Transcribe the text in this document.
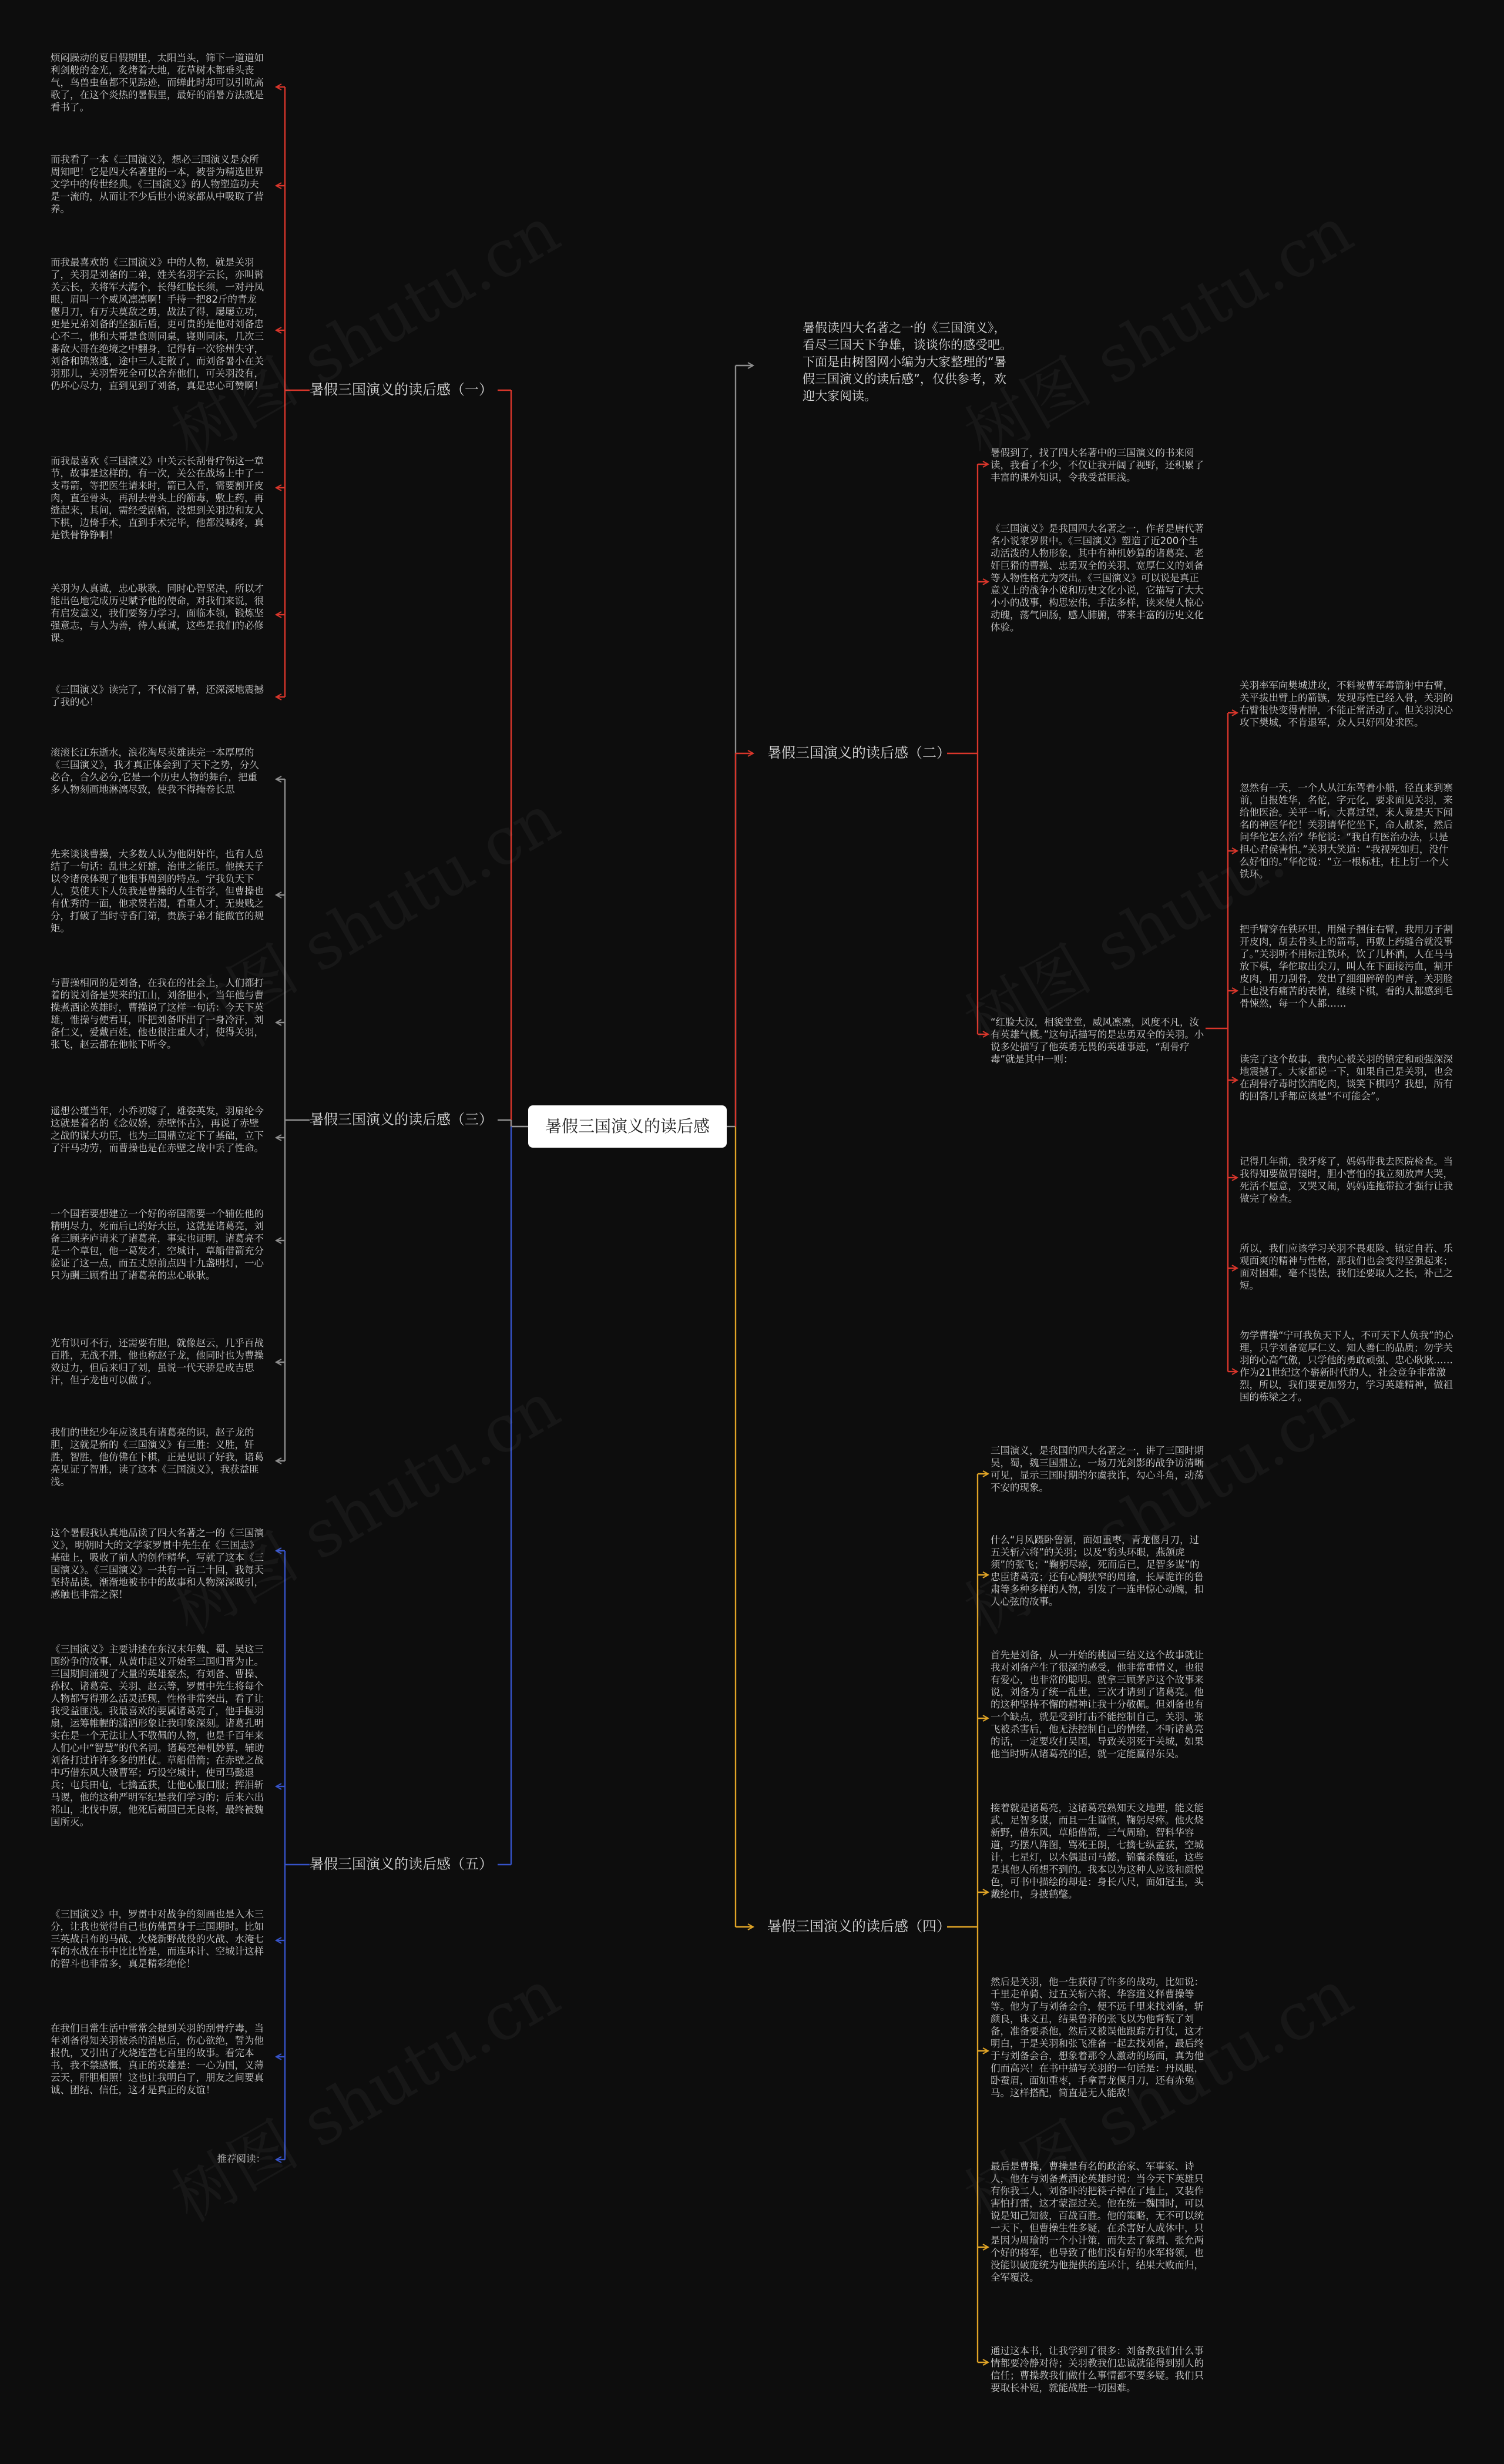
暑假三国演义的读后感
暑假读四大名著之一的《三国演义》，看尽三国天下争雄，谈谈你的感受吧。下面是由树图网小编为大家整理的“暑假三国演义的读后感”，仅供参考，欢迎大家阅读。
暑假三国演义的读后感（一）
暑假三国演义的读后感（二）
暑假三国演义的读后感（三）
暑假三国演义的读后感（四）
暑假三国演义的读后感（五）

烦闷躁动的夏日假期里，太阳当头，筛下一道道如利剑般的金光，炙烤着大地，花草树木都垂头丧气，鸟兽虫鱼都不见踪迹，而蝉此时却可以引吭高歌了，在这个炎热的暑假里，最好的消暑方法就是看书了。

而我看了一本《三国演义》，想必三国演义是众所周知吧！它是四大名著里的一本，被誉为精选世界文学中的传世经典。《三国演义》的人物塑造功夫是一流的，从而让不少后世小说家都从中吸取了营养。

而我最喜欢的《三国演义》中的人物，就是关羽了，关羽是刘备的二弟，姓关名羽字云长，亦叫髯关云长，关将军大海个，长得红脸长须，一对丹凤眼，眉叫一个威风凛凛啊！手持一把82斤的青龙偃月刀，有万夫莫敌之勇，战法了得，屡屡立功，更是兄弟刘备的坚强后盾，更可贵的是他对刘备忠心不二，他和大哥是食则同桌，寝则同床，几次三番敌大哥在绝境之中翻身，记得有一次徐州失守，刘备和锦煞逃，途中三人走散了，而刘备暑小在关羽那儿，关羽誓死全可以舍弃他们，可关羽没有，仍坏心尽力，直到见到了刘备，真是忠心可赞啊！

而我最喜欢《三国演义》中关云长刮骨疗伤这一章节，故事是这样的，有一次，关公在战场上中了一支毒箭，等把医生请来时，箭已入骨，需要割开皮肉，直至骨头，再刮去骨头上的箭毒，敷上药，再缝起来，其间，需经受剧痛，没想到关羽边和友人下棋，边倚手术，直到手术完毕，他都没喊疼，真是铁骨铮铮啊！

关羽为人真诚，忠心耿耿，同时心智坚决，所以才能出色地完成历史赋予他的使命，对我们来说，很有启发意义，我们要努力学习，面临本领，锻炼坚强意志，与人为善，待人真诚，这些是我们的必修课。

《三国演义》读完了，不仅消了暑，还深深地震撼了我的心！

滚滚长江东逝水，浪花淘尽英雄读完一本厚厚的《三国演义》，我才真正体会到了天下之势，分久必合，合久必分,它是一个历史人物的舞台，把重多人物刻画地淋漓尽致，使我不得掩卷长思

先来谈谈曹操，大多数人认为他阴奸诈，也有人总结了一句话：乱世之奸雄，治世之能臣。他挟天子以令诸侯体现了他很事周到的特点。宁我负天下人，莫使天下人负我是曹操的人生哲学，但曹操也有优秀的一面，他求贤若渴，看重人才，无贵贱之分，打破了当时寺香门第，贵族子弟才能做官的规矩。

与曹操相同的是刘备，在我在的社会上，人们都打着的说刘备是哭来的江山，刘备胆小，当年他与曹操煮酒论英雄时，曹操说了这样一句话：今天下英雄，惟操与使君耳，吓把刘备吓出了一身冷汗，刘备仁义，爱戴百姓，他也很注重人才，使得关羽，张飞，赵云都在他帐下听令。

遥想公瑾当年，小乔初嫁了，雄姿英发，羽扇纶今这就是着名的《念奴娇，赤壁怀古》，再说了赤壁之战的谋大功臣，也为三国鼎立定下了基础，立下了汗马功劳，而曹操也是在赤壁之战中丢了性命。

一个国若要想建立一个好的帝国需要一个辅佐他的精明尽力，死而后已的好大臣，这就是诸葛亮，刘备三顾茅庐请来了诸葛亮，事实也证明，诸葛亮不是一个草包，他一葛发才，空城计，草船借箭充分验证了这一点，而五丈原前点四十九盏明灯，一心只为酬三顾看出了诸葛亮的忠心耿耿。

光有识可不行，还需要有胆，就像赵云，几乎百战百胜，无战不胜，他也称赵子龙，他同时也为曹操效过力，但后来归了刘，虽说一代天骄是成吉思汗，但子龙也可以做了。

我们的世纪少年应该具有诸葛亮的识，赵子龙的胆，这就是新的《三国演义》有三胜：义胜，奸胜，智胜，他仿佛在下棋，正是见识了好我，诸葛亮见证了智胜，读了这本《三国演义》，我获益匪浅。

这个暑假我认真地品读了四大名著之一的《三国演义》，明朝时大的文学家罗贯中先生在《三国志》基础上，吸收了前人的创作精华，写就了这本《三国演义》。《三国演义》一共有一百二十回，我每天坚持品读，渐渐地被书中的故事和人物深深吸引，感触也非常之深！

《三国演义》主要讲述在东汉末年魏、蜀、吴这三国纷争的故事，从黄巾起义开始至三国归晋为止。三国期间涌现了大量的英雄豪杰，有刘备、曹操、孙权、诸葛亮、关羽、赵云等，罗贯中先生将每个人物都写得那么活灵活现，性格非常突出，看了让我受益匪浅。我最喜欢的要属诸葛亮了，他手握羽扇，运筹帷幄的潇洒形象让我印象深刻。诸葛孔明实在是一个无法让人不敬佩的人物，也是千百年来人们心中“智慧”的代名词。诸葛亮神机妙算，辅助刘备打过许许多多的胜仗。草船借箭；在赤壁之战中巧借东风大破曹军；巧设空城计，使司马懿退兵；屯兵田屯，七擒孟获，让他心服口服；挥泪斩马谡，他的这种严明军纪是我们学习的；后来六出祁山，北伐中原，他死后蜀国已无良将，最终被魏国所灭。

《三国演义》中，罗贯中对战争的刻画也是入木三分，让我也觉得自己也仿佛置身于三国期时。比如三英战吕布的马战、火烧新野战役的火战、水淹七军的水战在书中比比皆是，而连环计、空城计这样的智斗也非常多，真是精彩绝伦！

在我们日常生活中常常会提到关羽的刮骨疗毒，当年刘备得知关羽被杀的消息后，伤心欲绝，誓为他报仇，又引出了火烧连营七百里的故事。看完本书，我不禁感慨，真正的英雄是：一心为国，义薄云天，肝胆相照！这也让我明白了，朋友之间要真诚、团结、信任，这才是真正的友谊！

推荐阅读：

暑假到了，找了四大名著中的三国演义的书来阅读，我看了不少，不仅让我开阔了视野，还积累了丰富的课外知识，令我受益匪浅。

《三国演义》是我国四大名著之一，作者是唐代著名小说家罗贯中。《三国演义》塑造了近200个生动活泼的人物形象，其中有神机妙算的诸葛亮、老奸巨猾的曹操、忠勇双全的关羽、宽厚仁义的刘备等人物性格尤为突出。《三国演义》可以说是真正意义上的战争小说和历史文化小说，它描写了大大小小的战事，构思宏伟，手法多样，读来使人惊心动魄，荡气回肠，感人肺腑，带来丰富的历史文化体验。

“红脸大汉，相貌堂堂，威风凛凛，风度不凡，汝有英雄气概。”这句话描写的是忠勇双全的关羽。小说多处描写了他英勇无畏的英雄事迹，“刮骨疗毒”就是其中一则：

关羽率军向樊城进攻，不料被曹军毒箭射中右臂，关平拔出臂上的箭镞，发现毒性已经入骨，关羽的右臂很快变得青肿，不能正常活动了。但关羽决心攻下樊城，不肯退军，众人只好四处求医。

忽然有一天，一个人从江东驾着小船，径直来到寨前，自报姓华，名佗，字元化，要求面见关羽，来给他医治。关平一听，大喜过望，来人竟是天下闻名的神医华佗！关羽请华佗坐下，命人献茶，然后问华佗怎么治？华佗说：“我自有医治办法，只是担心君侯害怕。”关羽大笑道：“我视死如归，没什么好怕的。”华佗说：“立一根标柱，柱上钉一个大铁环。

把手臂穿在铁环里，用绳子捆住右臂，我用刀子割开皮肉，刮去骨头上的箭毒，再敷上药缝合就没事了。”关羽听不用标注铁环，饮了几杯酒，人在马马放下棋，华佗取出尖刀，叫人在下面接污血，割开皮肉，用刀刮骨，发出了细细碎碎的声音，关羽脸上也没有痛苦的表情，继续下棋，看的人都感到毛骨悚然，每一个人都……

读完了这个故事，我内心被关羽的镇定和顽强深深地震撼了。大家都说一下，如果自己是关羽，也会在刮骨疗毒时饮酒吃肉，谈笑下棋吗？我想，所有的回答几乎都应该是“不可能会”。

记得几年前，我牙疼了，妈妈带我去医院检查。当我得知要做胃镜时，胆小害怕的我立刻放声大哭，死活不愿意，又哭又闹，妈妈连拖带拉才强行让我做完了检查。

所以，我们应该学习关羽不畏艰险、镇定自若、乐观面爽的精神与性格，那我们也会变得坚强起来；面对困难，毫不畏怯，我们还要取人之长，补己之短。

勿学曹操“宁可我负天下人，不可天下人负我”的心理，只学刘备宽厚仁义、知人善仁的品质；勿学关羽的心高气傲，只学他的勇敢顽强、忠心耿耿……作为21世纪这个崭新时代的人，社会竞争非常激烈，所以，我们要更加努力，学习英雄精神，做祖国的栋梁之才。

三国演义，是我国的四大名著之一，讲了三国时期吴，蜀，魏三国鼎立，一场刀光剑影的战争访清晰可见，显示三国时期的尔虞我诈，勾心斗角，动荡不安的现象。

什么“月风蹑卧鲁洞，面如重枣，青龙偃月刀，过五关斩六将”的关羽；以及“豹头环眼，燕颔虎须”的张飞；“鞠躬尽瘁，死而后已，足智多谋”的忠臣诸葛亮；还有心胸狭窄的周瑜，长厚诡诈的鲁肃等多种多样的人物，引发了一连串惊心动魄，扣人心弦的故事。

首先是刘备，从一开始的桃园三结义这个故事就让我对刘备产生了很深的感受，他非常重情义，也很有爱心，也非常的聪明。就拿三顾茅庐这个故事来说，刘备为了统一乱世，三次才请到了诸葛亮。他的这种坚持不懈的精神让我十分敬佩。但刘备也有一个缺点，就是受到打击不能控制自己，关羽、张飞被杀害后，他无法控制自己的情绪，不听诸葛亮的话，一定要攻打吴国，导致关羽死于关城，如果他当时听从诸葛亮的话，就一定能赢得东吴。

接着就是诸葛亮，这诸葛亮熟知天文地理，能文能武，足智多谋，而且一生谨慎，鞠躬尽瘁。他火烧新野，借东风，草船借箭，三气周瑜，智料华容道，巧摆八阵图，骂死王朗，七擒七纵孟获，空城计，七星灯，以木偶退司马懿，锦囊杀魏延，这些是其他人所想不到的。我本以为这种人应该和颜悦色，可书中描绘的却是：身长八尺，面如冠玉，头戴纶巾，身披鹤氅。

然后是关羽，他一生获得了许多的战功，比如说：千里走单骑、过五关斩六将、华容道义释曹操等等。他为了与刘备会合，便不远千里来找刘备，斩颜良，诛文丑，结果鲁莽的张飞以为他背叛了刘备，准备要杀他，然后又被误他跟踪方打仗，这才明白，于是关羽和张飞准备一起去找刘备，最后终于与刘备会合，想象着那令人激动的场面，真为他们而高兴！在书中描写关羽的一句话是：丹凤眼，卧蚕眉，面如重枣，手拿青龙偃月刀，还有赤兔马。这样搭配，简直是无人能敌！

最后是曹操，曹操是有名的政治家、军事家、诗人，他在与刘备煮酒论英雄时说：当今天下英雄只有你我二人，刘备吓的把筷子掉在了地上，又装作害怕打雷，这才蒙混过关。他在统一魏国时，可以说是知己知彼，百战百胜。他的策略，无不可以统一天下，但曹操生性多疑，在杀害好人成休中，只是因为周瑜的一个小计策，而失去了蔡瑁、张允两个好的将军，也导致了他们没有好的水军将领，也没能识破庞统为他提供的连环计，结果大败而归，全军覆没。

通过这本书，让我学到了很多：刘备教我们什么事情都要冷静对待；关羽教我们忠诚就能得到别人的信任；曹操教我们做什么事情都不要多疑。我们只要取长补短，就能战胜一切困难。
